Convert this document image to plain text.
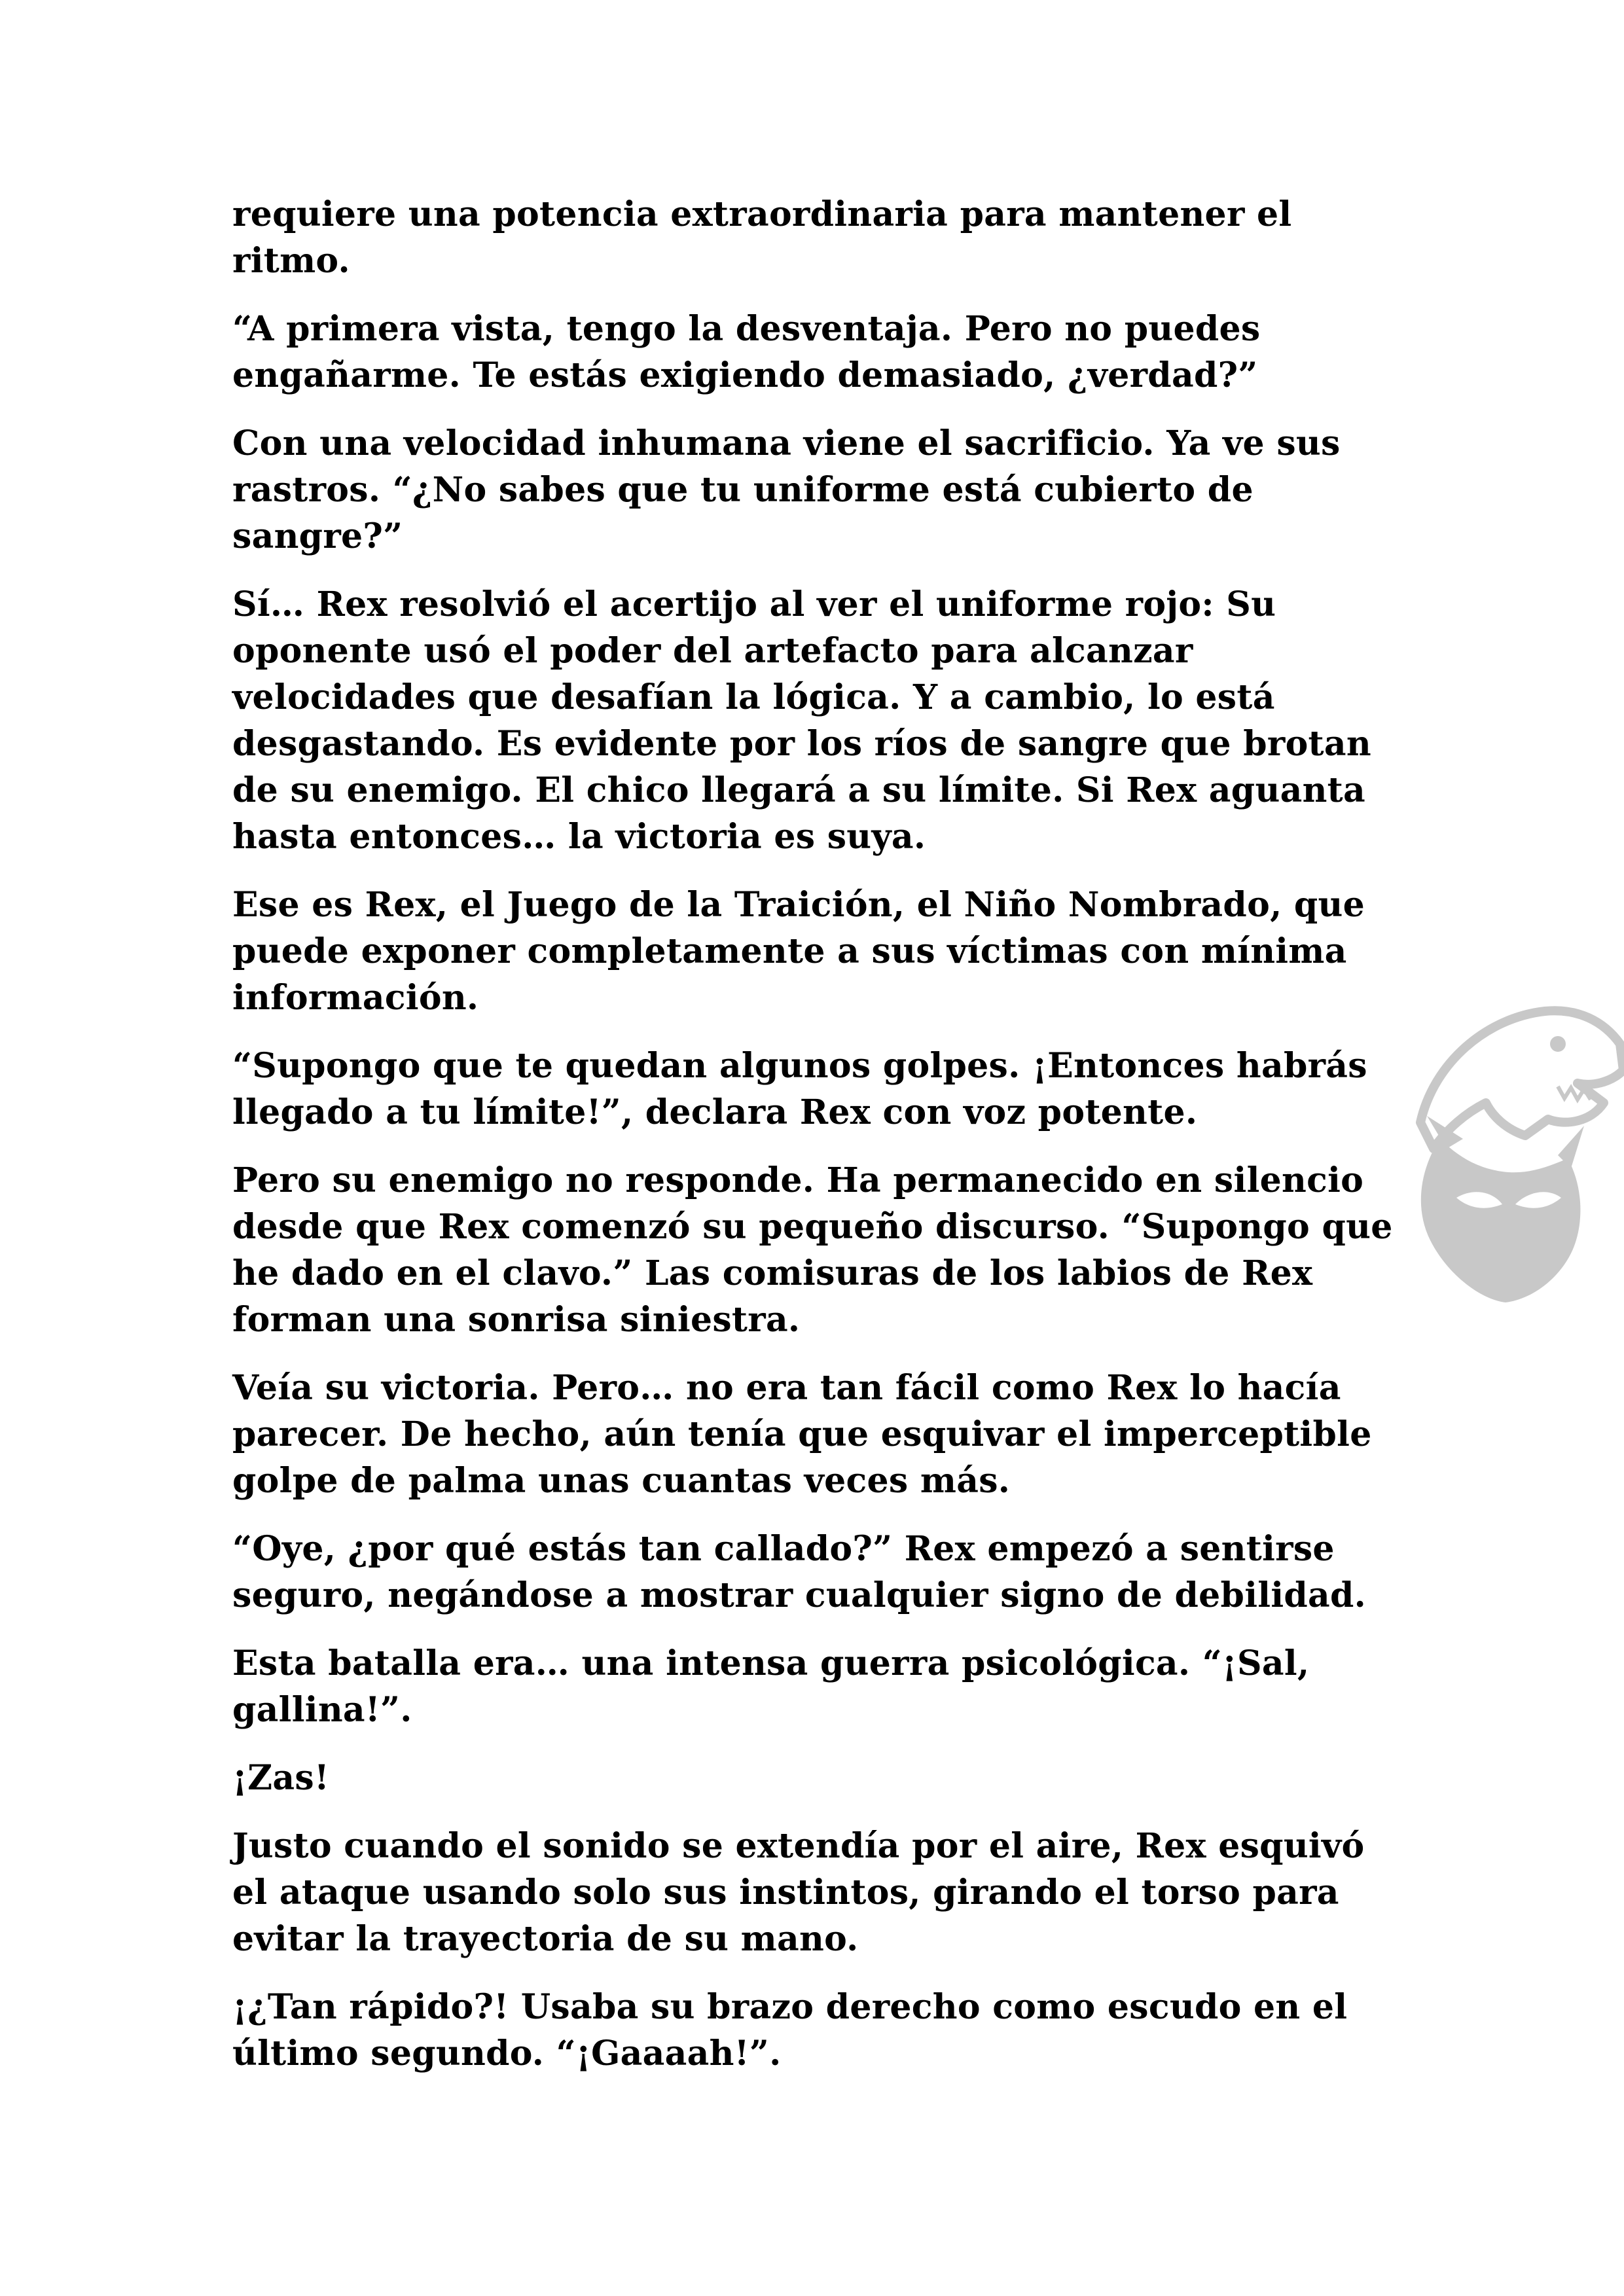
requiere una potencia extraordinaria para mantener el ritmo.

“A primera vista, tengo la desventaja. Pero no puedes engañarme. Te estás exigiendo demasiado, ¿verdad?”

Con una velocidad inhumana viene el sacrificio. Ya ve sus rastros. “¿No sabes que tu uniforme está cubierto de sangre?”

Sí… Rex resolvió el acertijo al ver el uniforme rojo: Su oponente usó el poder del artefacto para alcanzar velocidades que desafían la lógica. Y a cambio, lo está desgastando. Es evidente por los ríos de sangre que brotan de su enemigo. El chico llegará a su límite. Si Rex aguanta hasta entonces… la victoria es suya.

Ese es Rex, el Juego de la Traición, el Niño Nombrado, que puede exponer completamente a sus víctimas con mínima información.

“Supongo que te quedan algunos golpes. ¡Entonces habrás llegado a tu límite!”, declara Rex con voz potente.

Pero su enemigo no responde. Ha permanecido en silencio desde que Rex comenzó su pequeño discurso. “Supongo que he dado en el clavo.” Las comisuras de los labios de Rex forman una sonrisa siniestra.

Veía su victoria. Pero… no era tan fácil como Rex lo hacía parecer. De hecho, aún tenía que esquivar el imperceptible golpe de palma unas cuantas veces más.

“Oye, ¿por qué estás tan callado?” Rex empezó a sentirse seguro, negándose a mostrar cualquier signo de debilidad.

Esta batalla era… una intensa guerra psicológica. “¡Sal, gallina!”.

¡Zas!

Justo cuando el sonido se extendía por el aire, Rex esquivó el ataque usando solo sus instintos, girando el torso para evitar la trayectoria de su mano.

¡¿Tan rápido?! Usaba su brazo derecho como escudo en el último segundo. “¡Gaaaah!”.
